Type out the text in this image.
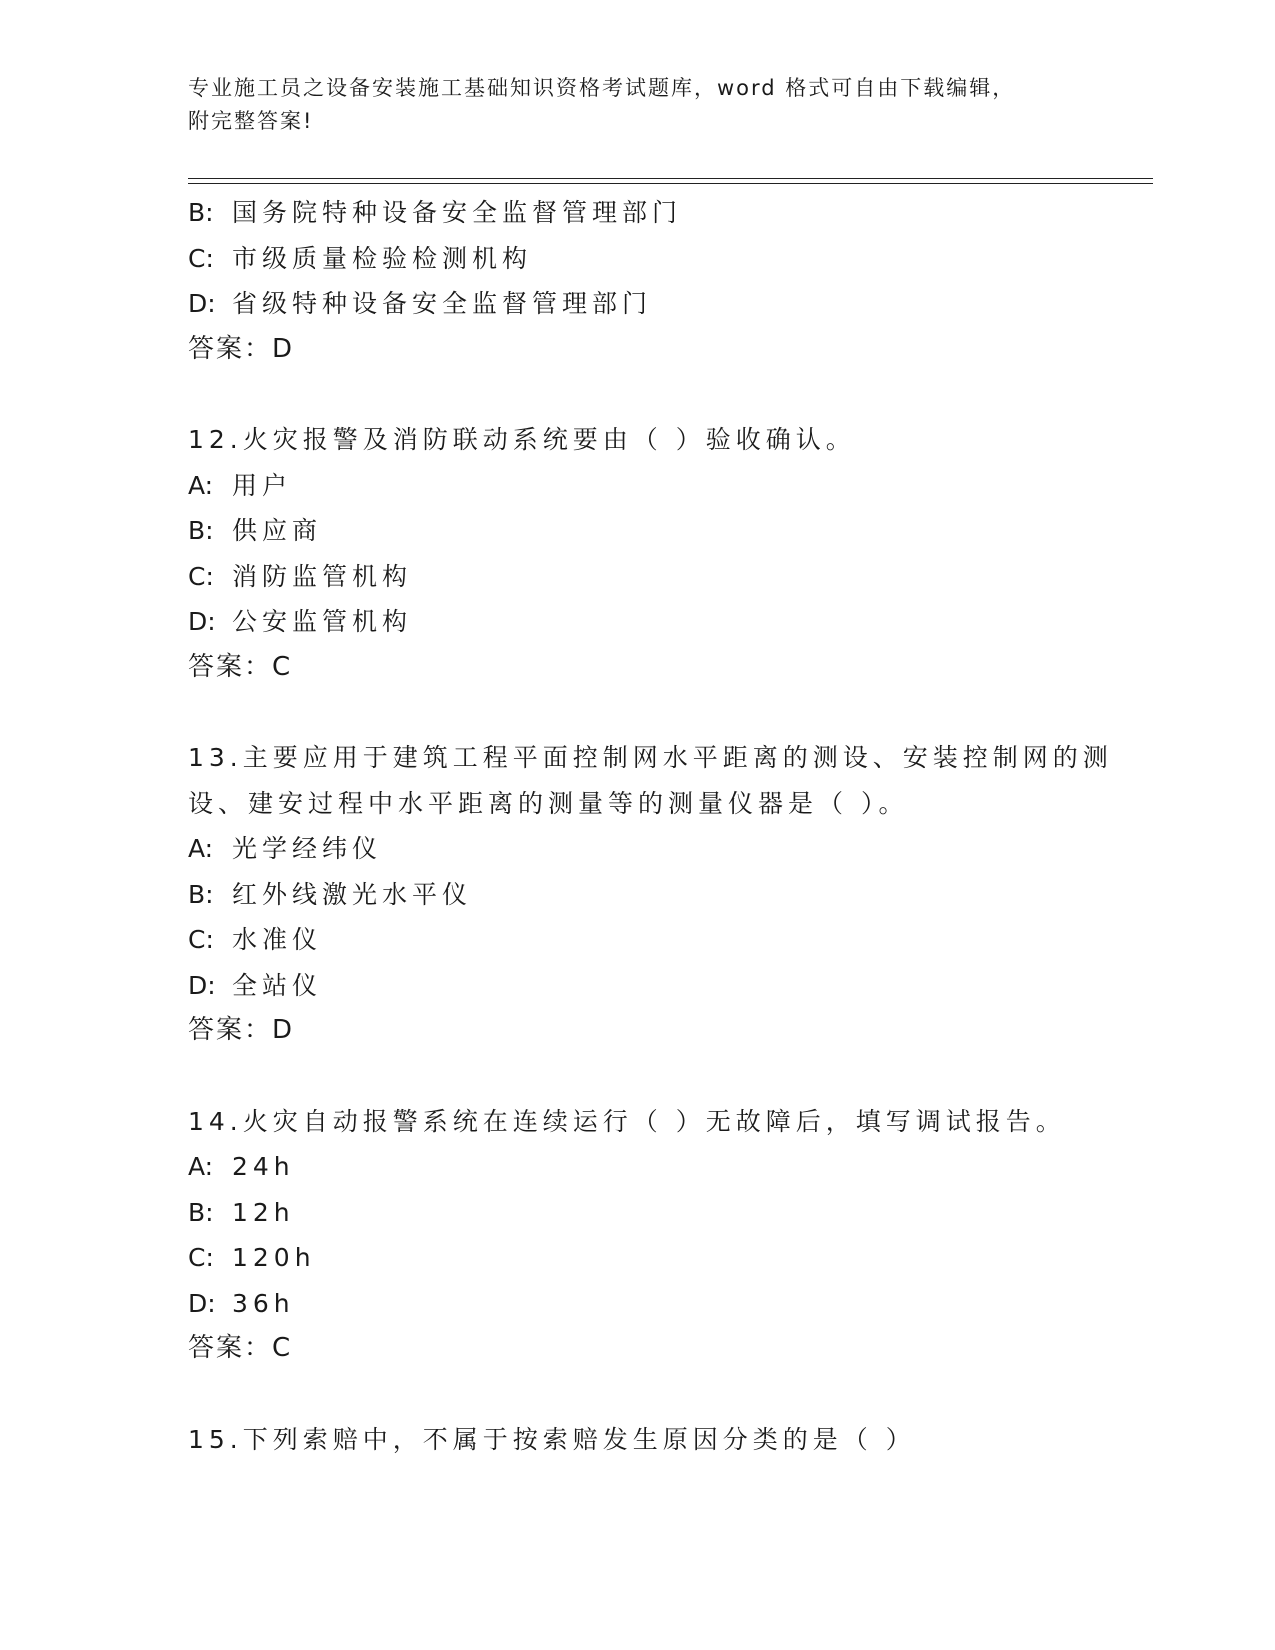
专业施工员之设备安装施工基础知识资格考试题库，word 格式可自由下载编辑，
附完整答案!
B: 国务院特种设备安全监督管理部门
C: 市级质量检验检测机构
D: 省级特种设备安全监督管理部门
答案：D
12.火灾报警及消防联动系统要由（ ）验收确认。
A: 用户
B: 供应商
C: 消防监管机构
D: 公安监管机构
答案：C
13.主要应用于建筑工程平面控制网水平距离的测设、安装控制网的测
设、建安过程中水平距离的测量等的测量仪器是（ ）。
A: 光学经纬仪
B: 红外线激光水平仪
C: 水准仪
D: 全站仪
答案：D
14.火灾自动报警系统在连续运行（ ）无故障后，填写调试报告。
A: 24h
B: 12h
C: 120h
D: 36h
答案：C
15.下列索赔中，不属于按索赔发生原因分类的是（ ）
